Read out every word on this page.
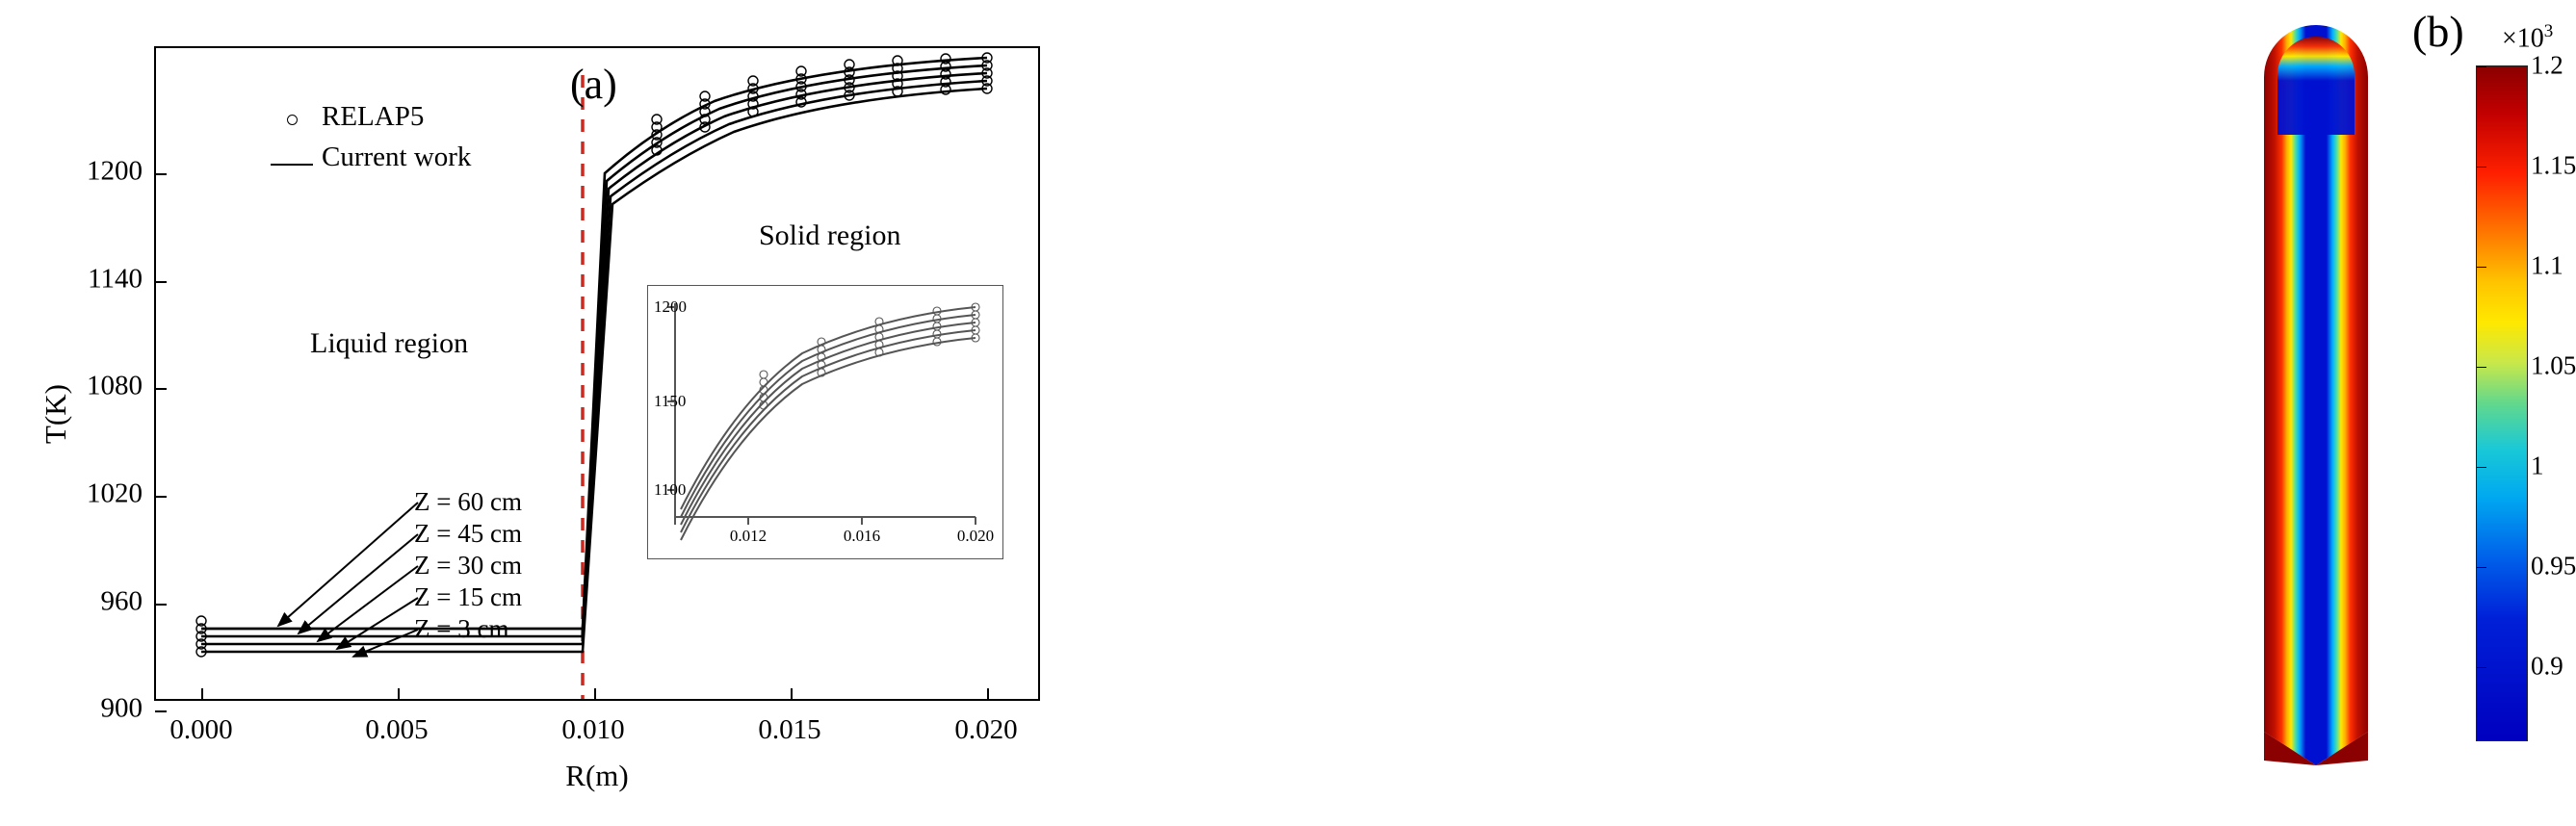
T(K)
R(m)
900
960
1020
1080
1140
1200
0.000	0.005	0.010	0.015	0.020
(a)
Liquid region
Solid region
RELAP5
Current work
Z = 60 cm
Z = 45 cm
Z = 30 cm
Z = 15 cm
Z = 3 cm
0.012	0.016	0.020
1100
1150
1200
$(b) \times 10^3$
1.2
1.15
1.1
1.05
1
0.95
0.9
